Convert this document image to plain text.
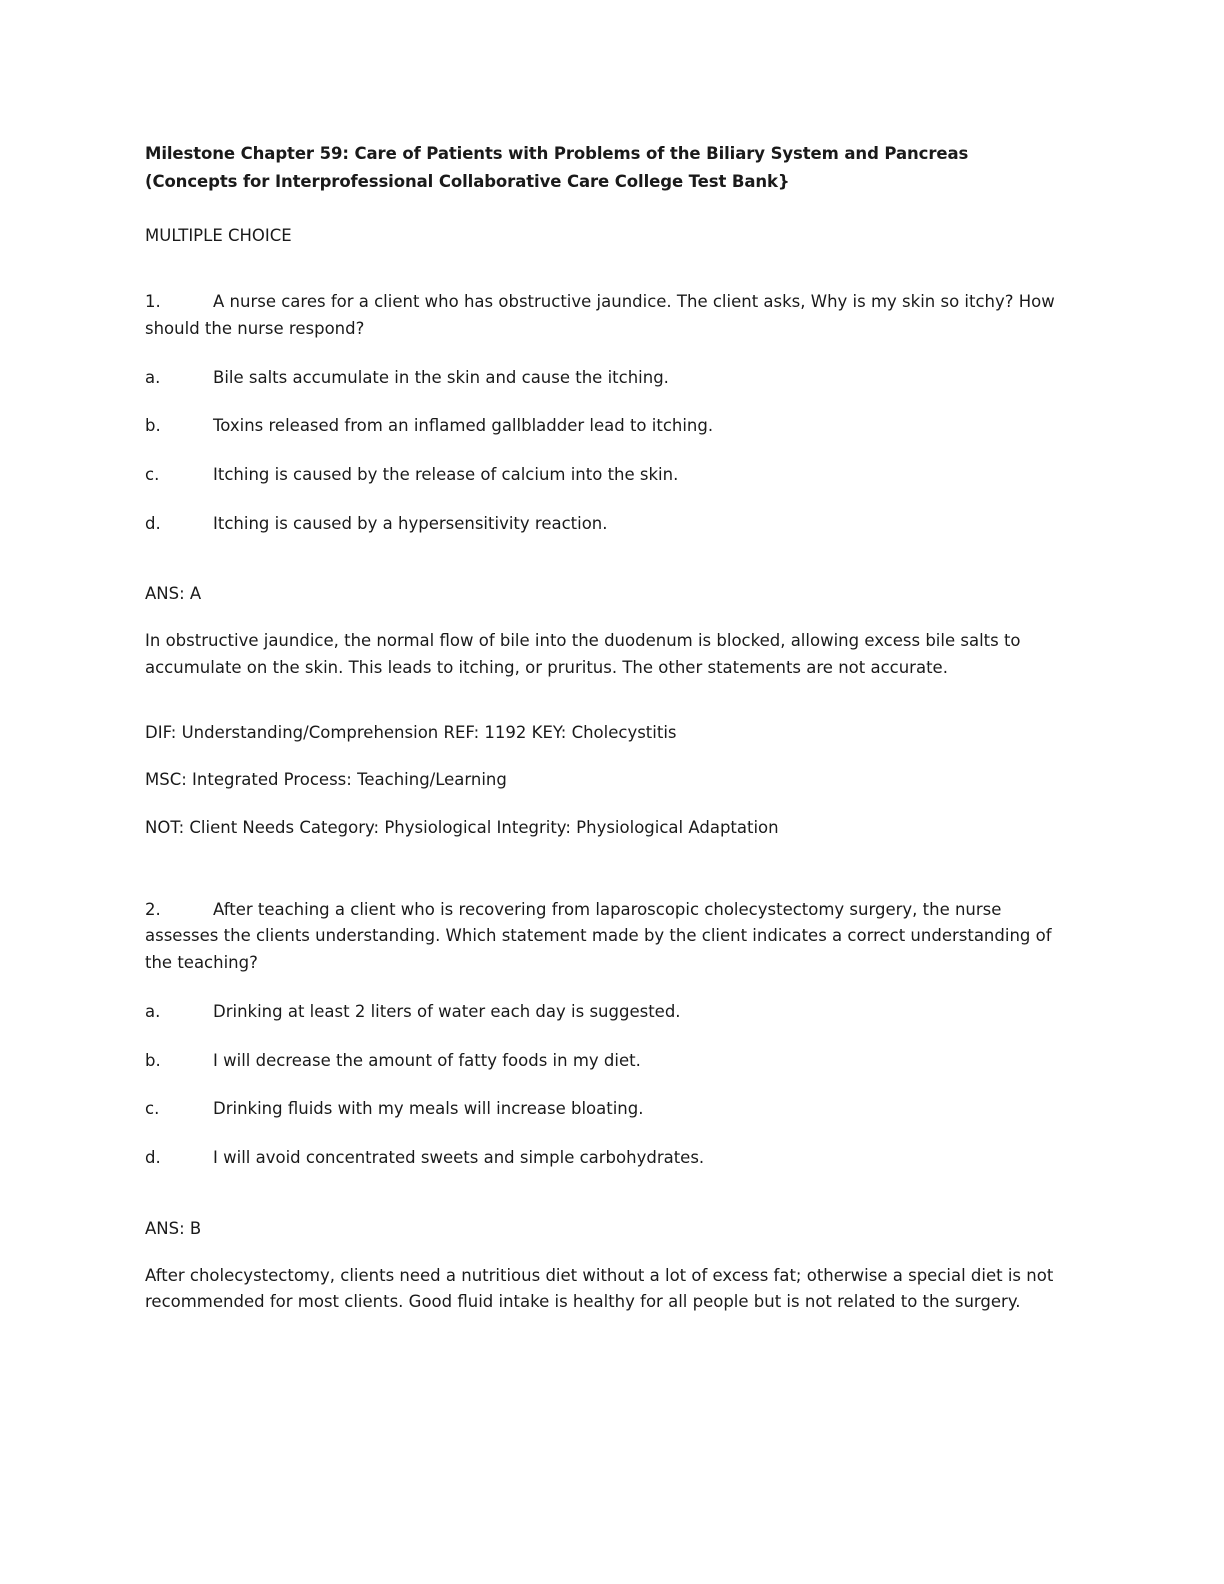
Milestone Chapter 59: Care of Patients with Problems of the Biliary System and Pancreas (Concepts for Interprofessional Collaborative Care College Test Bank}

MULTIPLE CHOICE

1.	A nurse cares for a client who has obstructive jaundice. The client asks, Why is my skin so itchy? How should the nurse respond?

a.	Bile salts accumulate in the skin and cause the itching.

b.	Toxins released from an inflamed gallbladder lead to itching.

c.	Itching is caused by the release of calcium into the skin.

d.	Itching is caused by a hypersensitivity reaction.

ANS: A

In obstructive jaundice, the normal flow of bile into the duodenum is blocked, allowing excess bile salts to accumulate on the skin. This leads to itching, or pruritus. The other statements are not accurate.

DIF: Understanding/Comprehension REF: 1192 KEY: Cholecystitis

MSC: Integrated Process: Teaching/Learning

NOT: Client Needs Category: Physiological Integrity: Physiological Adaptation

2.	After teaching a client who is recovering from laparoscopic cholecystectomy surgery, the nurse assesses the clients understanding. Which statement made by the client indicates a correct understanding of the teaching?

a.	Drinking at least 2 liters of water each day is suggested.

b.	I will decrease the amount of fatty foods in my diet.

c.	Drinking fluids with my meals will increase bloating.

d.	I will avoid concentrated sweets and simple carbohydrates.

ANS: B

After cholecystectomy, clients need a nutritious diet without a lot of excess fat; otherwise a special diet is not recommended for most clients. Good fluid intake is healthy for all people but is not related to the surgery.
